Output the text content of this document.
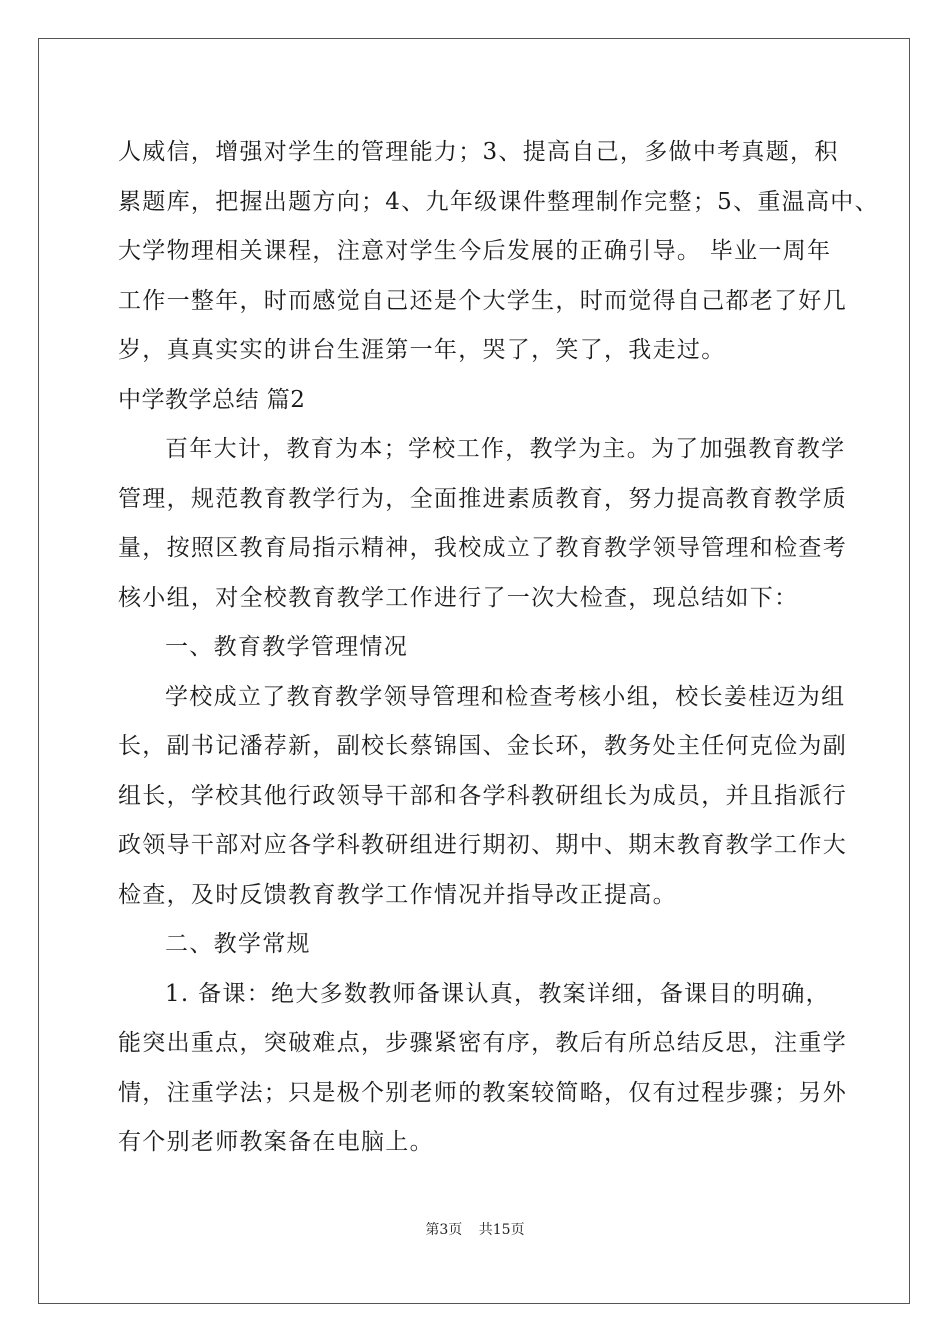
人威信，增强对学生的管理能力；3、提高自己，多做中考真题，积

累题库，把握出题方向；4、九年级课件整理制作完整；5、重温高中、

大学物理相关课程，注意对学生今后发展的正确引导。 毕业一周年

工作一整年，时而感觉自己还是个大学生，时而觉得自己都老了好几

岁，真真实实的讲台生涯第一年，哭了，笑了，我走过。

中学教学总结 篇2

百年大计，教育为本；学校工作，教学为主。为了加强教育教学

管理，规范教育教学行为，全面推进素质教育，努力提高教育教学质

量，按照区教育局指示精神，我校成立了教育教学领导管理和检查考

核小组，对全校教育教学工作进行了一次大检查，现总结如下：

一、教育教学管理情况

学校成立了教育教学领导管理和检查考核小组，校长姜桂迈为组

长，副书记潘荐新，副校长蔡锦国、金长环，教务处主任何克俭为副

组长，学校其他行政领导干部和各学科教研组长为成员，并且指派行

政领导干部对应各学科教研组进行期初、期中、期末教育教学工作大

检查，及时反馈教育教学工作情况并指导改正提高。

二、教学常规

1. 备课：绝大多数教师备课认真，教案详细，备课目的明确，

能突出重点，突破难点，步骤紧密有序，教后有所总结反思，注重学

情，注重学法；只是极个别老师的教案较简略，仅有过程步骤；另外

有个别老师教案备在电脑上。

第3页 共15页
